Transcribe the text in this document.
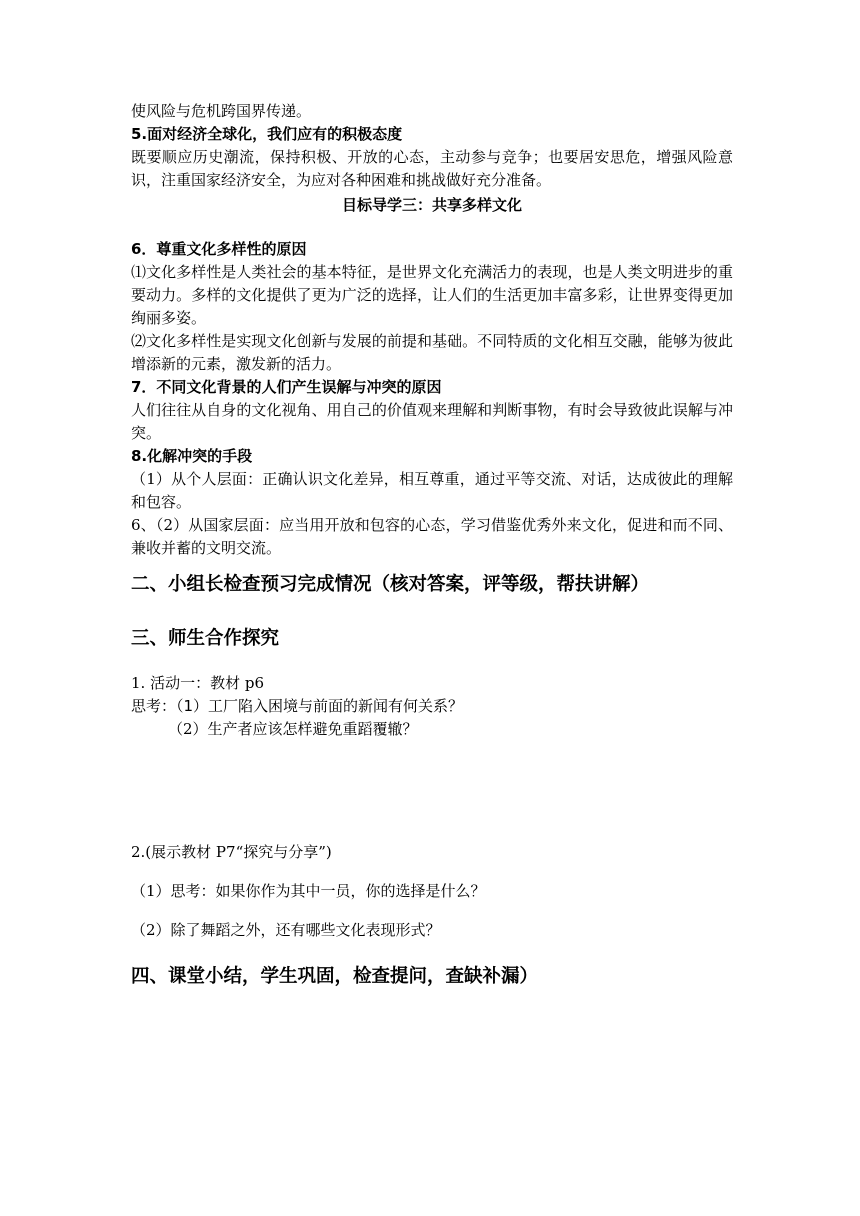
使风险与危机跨国界传递。

5.面对经济全球化，我们应有的积极态度

既要顺应历史潮流，保持积极、开放的心态，主动参与竞争；也要居安思危，增强风险意识，注重国家经济安全，为应对各种困难和挑战做好充分准备。

目标导学三：共享多样文化

6．尊重文化多样性的原因

⑴文化多样性是人类社会的基本特征，是世界文化充满活力的表现，也是人类文明进步的重要动力。多样的文化提供了更为广泛的选择，让人们的生活更加丰富多彩，让世界变得更加绚丽多姿。

⑵文化多样性是实现文化创新与发展的前提和基础。不同特质的文化相互交融，能够为彼此增添新的元素，激发新的活力。

7．不同文化背景的人们产生误解与冲突的原因

人们往往从自身的文化视角、用自己的价值观来理解和判断事物，有时会导致彼此误解与冲突。

8.化解冲突的手段

（1）从个人层面：正确认识文化差异，相互尊重，通过平等交流、对话，达成彼此的理解和包容。

6、（2）从国家层面：应当用开放和包容的心态，学习借鉴优秀外来文化，促进和而不同、兼收并蓄的文明交流。

二、小组长检查预习完成情况（核对答案，评等级，帮扶讲解）

三、师生合作探究

1. 活动一：教材 p6

思考：（1）工厂陷入困境与前面的新闻有何关系？

（2）生产者应该怎样避免重蹈覆辙？

2.(展示教材 P7“探究与分享”)

（1）思考：如果你作为其中一员，你的选择是什么？

（2）除了舞蹈之外，还有哪些文化表现形式？

四、课堂小结，学生巩固，检查提问，查缺补漏）
